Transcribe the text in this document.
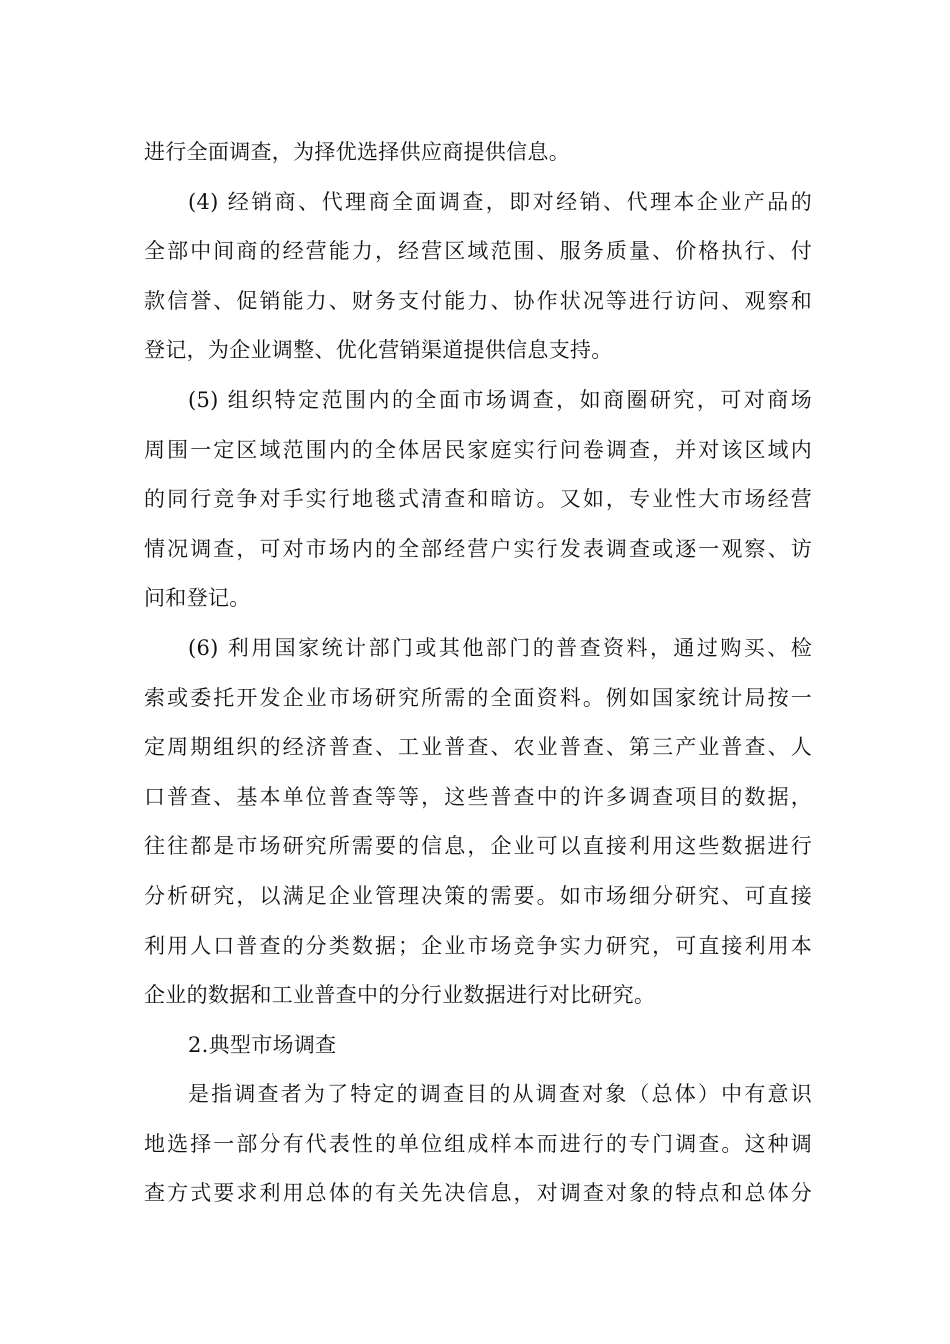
进行全面调查，为择优选择供应商提供信息。
(4) 经销商、代理商全面调查，即对经销、代理本企业产品的
全部中间商的经营能力，经营区域范围、服务质量、价格执行、付
款信誉、促销能力、财务支付能力、协作状况等进行访问、观察和
登记，为企业调整、优化营销渠道提供信息支持。
(5) 组织特定范围内的全面市场调查，如商圈研究，可对商场
周围一定区域范围内的全体居民家庭实行问卷调查，并对该区域内
的同行竞争对手实行地毯式清查和暗访。又如，专业性大市场经营
情况调查，可对市场内的全部经营户实行发表调查或逐一观察、访
问和登记。
(6) 利用国家统计部门或其他部门的普查资料，通过购买、检
索或委托开发企业市场研究所需的全面资料。例如国家统计局按一
定周期组织的经济普查、工业普查、农业普查、第三产业普查、人
口普查、基本单位普查等等，这些普查中的许多调查项目的数据，
往往都是市场研究所需要的信息，企业可以直接利用这些数据进行
分析研究，以满足企业管理决策的需要。如市场细分研究、可直接
利用人口普查的分类数据；企业市场竞争实力研究，可直接利用本
企业的数据和工业普查中的分行业数据进行对比研究。
2.典型市场调查
是指调查者为了特定的调查目的从调查对象（总体）中有意识
地选择一部分有代表性的单位组成样本而进行的专门调查。这种调
查方式要求利用总体的有关先决信息，对调查对象的特点和总体分
